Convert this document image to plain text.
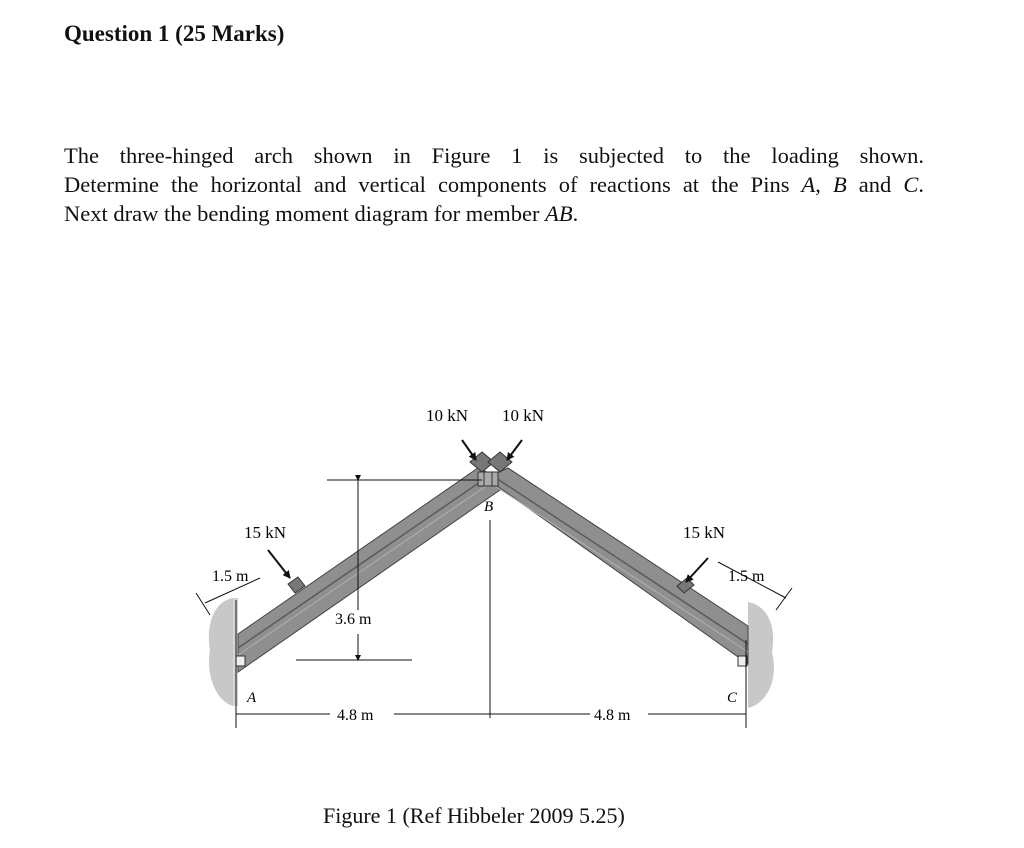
Question 1 (25 Marks)

The three-hinged arch shown in Figure 1 is subjected to the loading shown.

Determine the horizontal and vertical components of reactions at the Pins A, B and C.

Next draw the bending moment diagram for member AB.

10 kN 10 kN
15 kN	15 kN
1.5 m	1.5 m
3.6 m
4.8 m	4.8 m
A
B
C

Figure 1 (Ref Hibbeler 2009 5.25)
